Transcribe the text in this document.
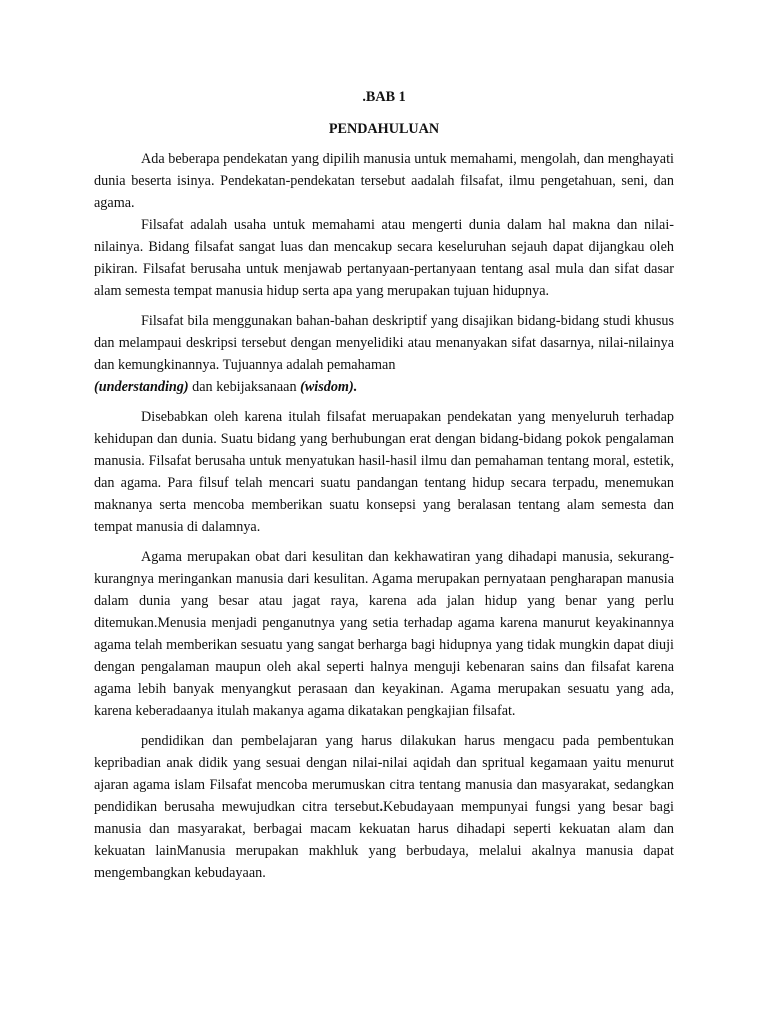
.BAB 1
PENDAHULUAN

Ada beberapa pendekatan yang dipilih manusia untuk memahami, mengolah, dan menghayati dunia beserta isinya. Pendekatan-pendekatan tersebut aadalah filsafat, ilmu pengetahuan, seni, dan agama.

Filsafat adalah usaha untuk memahami atau mengerti dunia dalam hal makna dan nilai-nilainya. Bidang filsafat sangat luas dan mencakup secara keseluruhan sejauh dapat dijangkau oleh pikiran. Filsafat berusaha untuk menjawab pertanyaan-pertanyaan tentang asal mula dan sifat dasar alam semesta tempat manusia hidup serta apa yang merupakan tujuan hidupnya.

Filsafat bila menggunakan bahan-bahan deskriptif yang disajikan bidang-bidang studi khusus dan melampaui deskripsi tersebut dengan menyelidiki atau menanyakan sifat dasarnya, nilai-nilainya dan kemungkinannya. Tujuannya adalah pemahaman
(understanding) dan kebijaksanaan (wisdom).

Disebabkan oleh karena itulah filsafat meruapakan pendekatan yang menyeluruh terhadap kehidupan dan dunia. Suatu bidang yang berhubungan erat dengan bidang-bidang pokok pengalaman manusia. Filsafat berusaha untuk menyatukan hasil-hasil ilmu dan pemahaman tentang moral, estetik, dan agama. Para filsuf telah mencari suatu pandangan tentang hidup secara terpadu, menemukan maknanya serta mencoba memberikan suatu konsepsi yang beralasan tentang alam semesta dan tempat manusia di dalamnya.

Agama merupakan obat dari kesulitan dan kekhawatiran yang dihadapi manusia, sekurang-kurangnya meringankan manusia dari kesulitan. Agama merupakan pernyataan pengharapan manusia dalam dunia yang besar atau jagat raya, karena ada jalan hidup yang benar yang perlu ditemukan.Menusia menjadi penganutnya yang setia terhadap agama karena manurut keyakinannya agama telah memberikan sesuatu yang sangat berharga bagi hidupnya yang tidak mungkin dapat diuji dengan pengalaman maupun oleh akal seperti halnya menguji kebenaran sains dan filsafat karena agama lebih banyak menyangkut perasaan dan keyakinan. Agama merupakan sesuatu yang ada, karena keberadaanya itulah makanya agama dikatakan pengkajian filsafat.

pendidikan dan pembelajaran yang harus dilakukan harus mengacu pada pembentukan kepribadian anak didik yang sesuai dengan nilai-nilai aqidah dan spritual kegamaan yaitu menurut ajaran agama islam Filsafat mencoba merumuskan citra tentang manusia dan masyarakat, sedangkan pendidikan berusaha mewujudkan citra tersebut.Kebudayaan mempunyai fungsi yang besar bagi manusia dan masyarakat, berbagai macam kekuatan harus dihadapi seperti kekuatan alam dan kekuatan lainManusia merupakan makhluk yang berbudaya, melalui akalnya manusia dapat mengembangkan kebudayaan.
